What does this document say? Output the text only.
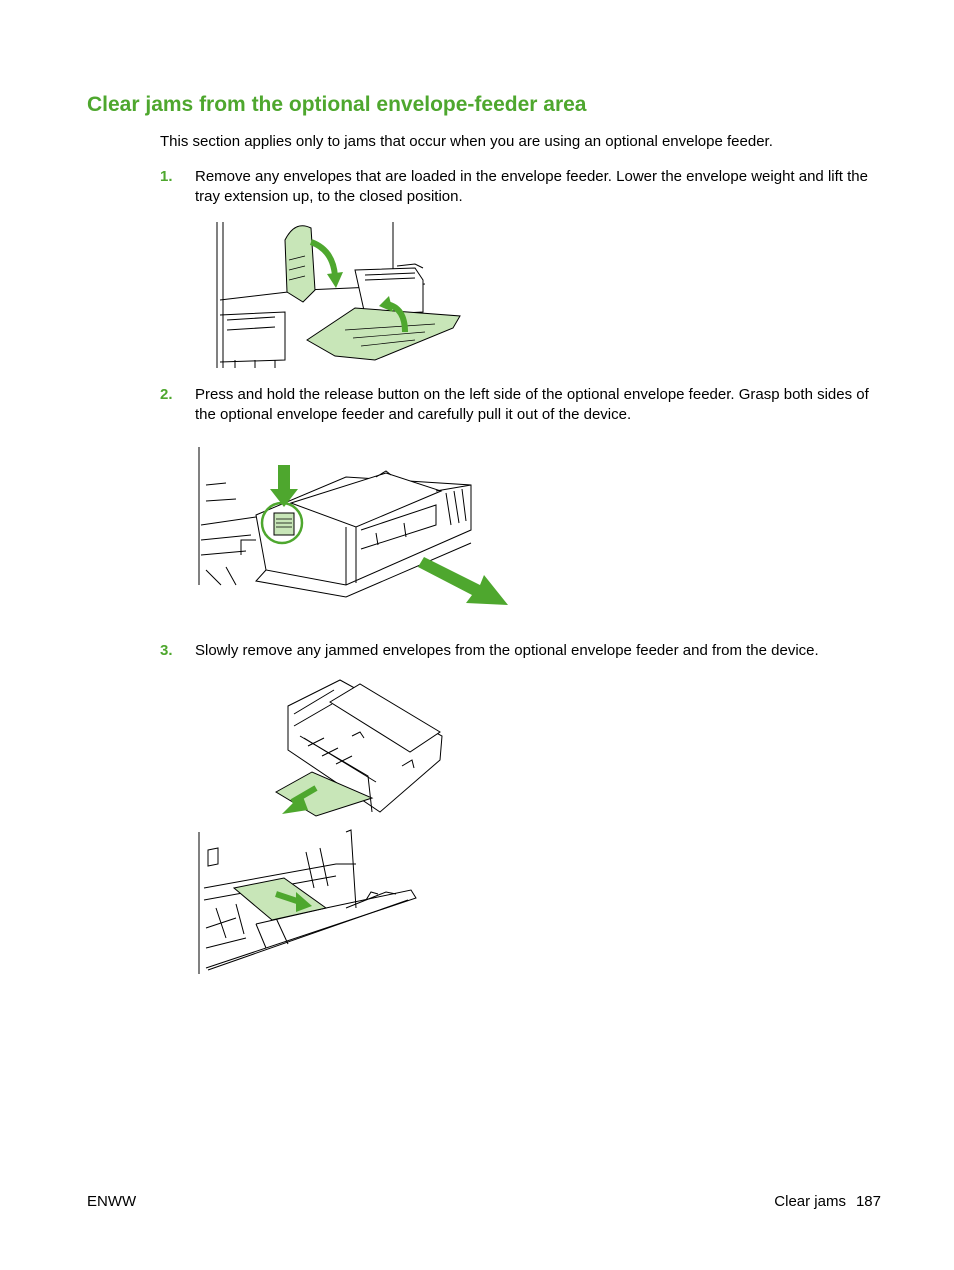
Clear jams from the optional envelope-feeder area
This section applies only to jams that occur when you are using an optional envelope feeder.
1. Remove any envelopes that are loaded in the envelope feeder. Lower the envelope weight and lift the tray extension up, to the closed position.
2. Press and hold the release button on the left side of the optional envelope feeder. Grasp both sides of the optional envelope feeder and carefully pull it out of the device.
3. Slowly remove any jammed envelopes from the optional envelope feeder and from the device.
ENWW	Clear jams 187
